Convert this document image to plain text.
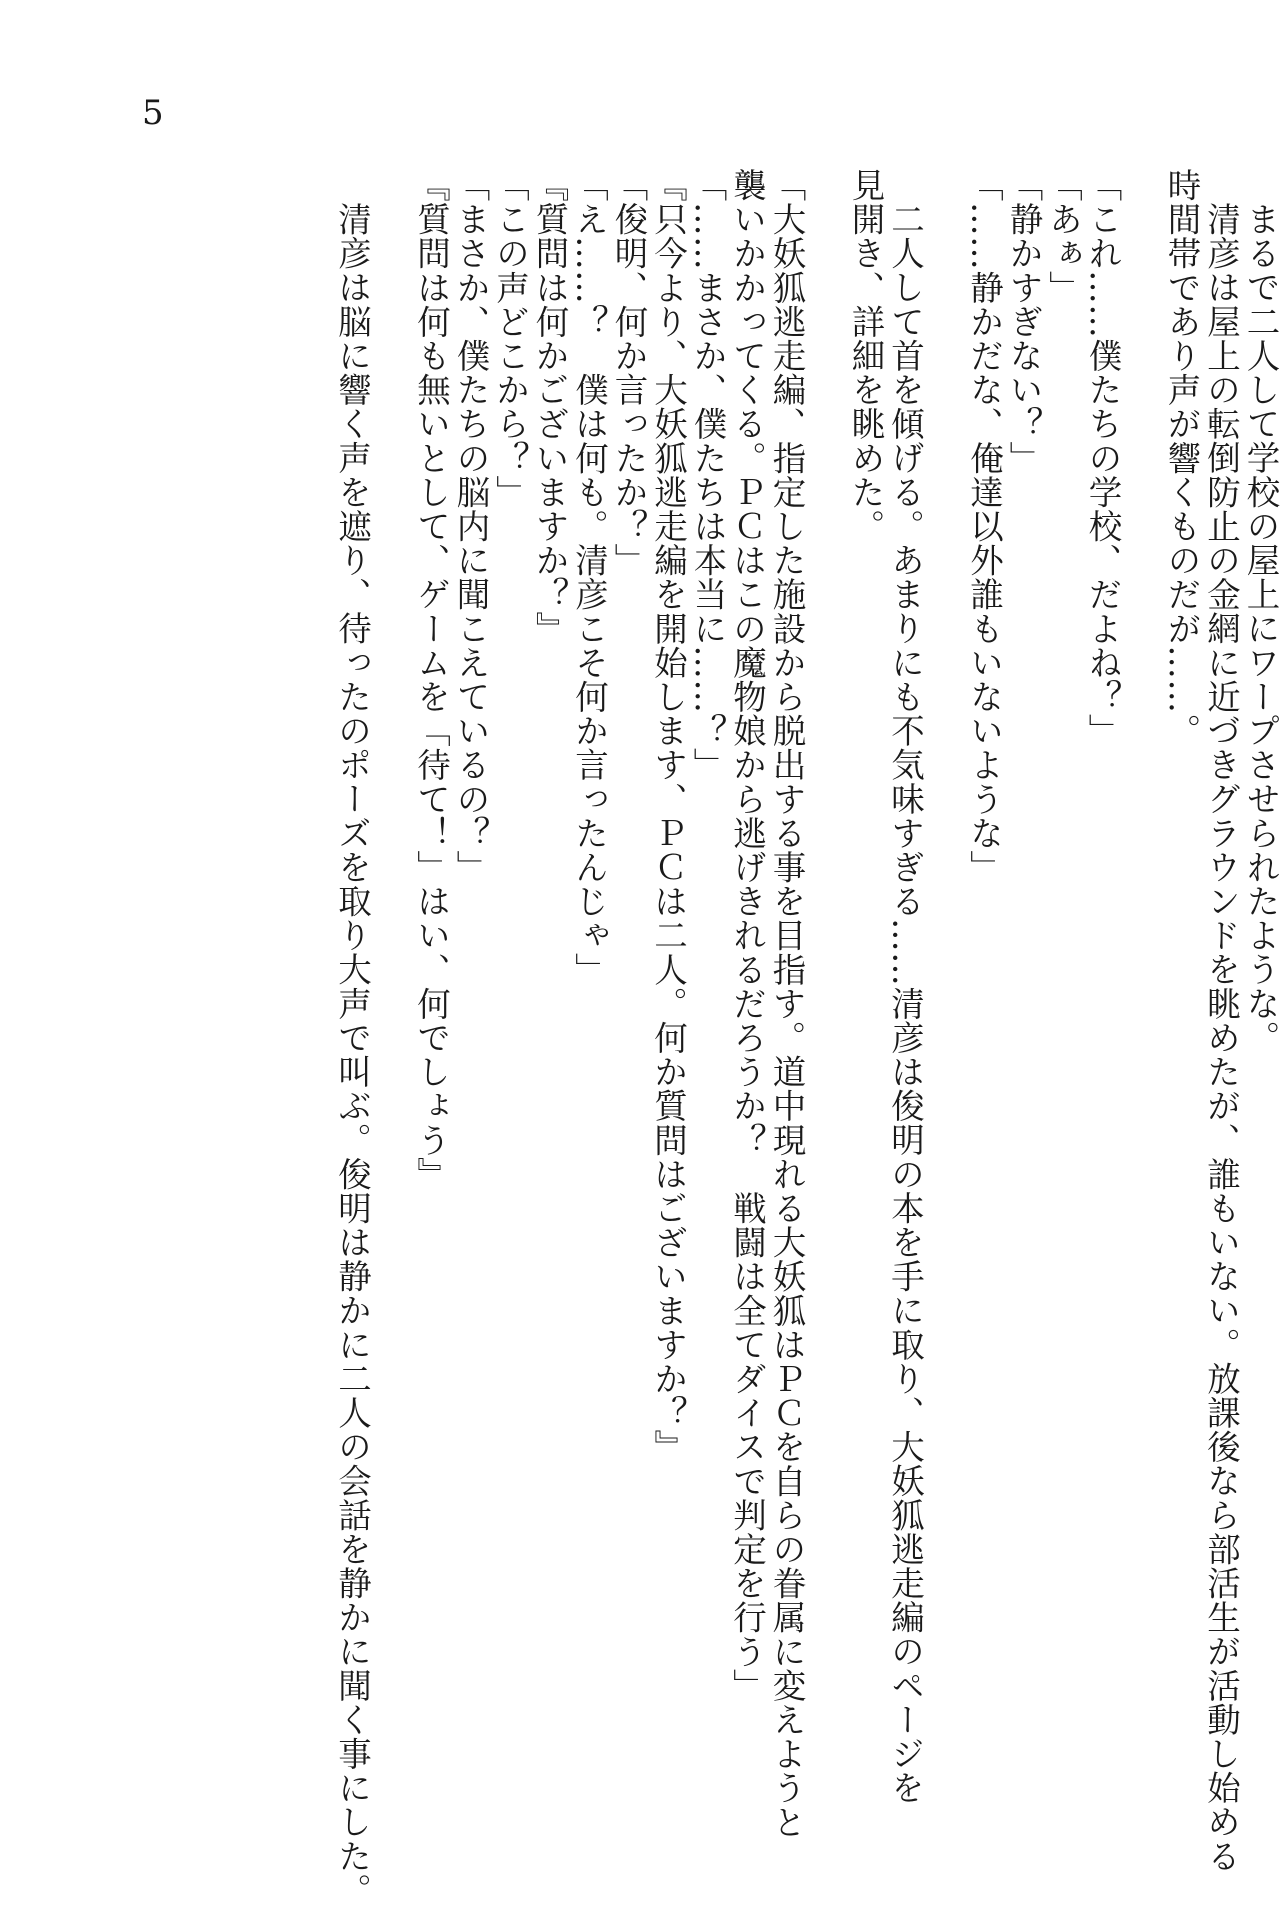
5
まるで二人して学校の屋上にワープさせられたような。
清彦は屋上の転倒防止の金網に近づきグラウンドを眺めたが、誰もいない。放課後なら部活生が活動し始める
時間帯であり声が響くものだが……。
「これ……僕たちの学校、だよね？」
「あぁ」
「静かすぎない？」
「……静かだな、俺達以外誰もいないような」
二人して首を傾げる。あまりにも不気味すぎる……清彦は俊明の本を手に取り、大妖狐逃走編のページを
見開き、詳細を眺めた。
「大妖狐逃走編、指定した施設から脱出する事を目指す。道中現れる大妖狐はＰＣを自らの眷属に変えようと
襲いかかってくる。ＰＣはこの魔物娘から逃げきれるだろうか？　戦闘は全てダイスで判定を行う」
「……まさか、僕たちは本当に……？」
『只今より、大妖狐逃走編を開始します、ＰＣは二人。何か質問はございますか？』
「俊明、何か言ったか？」
「え……？　僕は何も。清彦こそ何か言ったんじゃ」
『質問は何かございますか？』
「この声どこから？」
「まさか、僕たちの脳内に聞こえているの？」
『質問は何も無いとして、ゲームを「待て！」はい、何でしょう』
清彦は脳に響く声を遮り、待ったのポーズを取り大声で叫ぶ。俊明は静かに二人の会話を静かに聞く事にした。
